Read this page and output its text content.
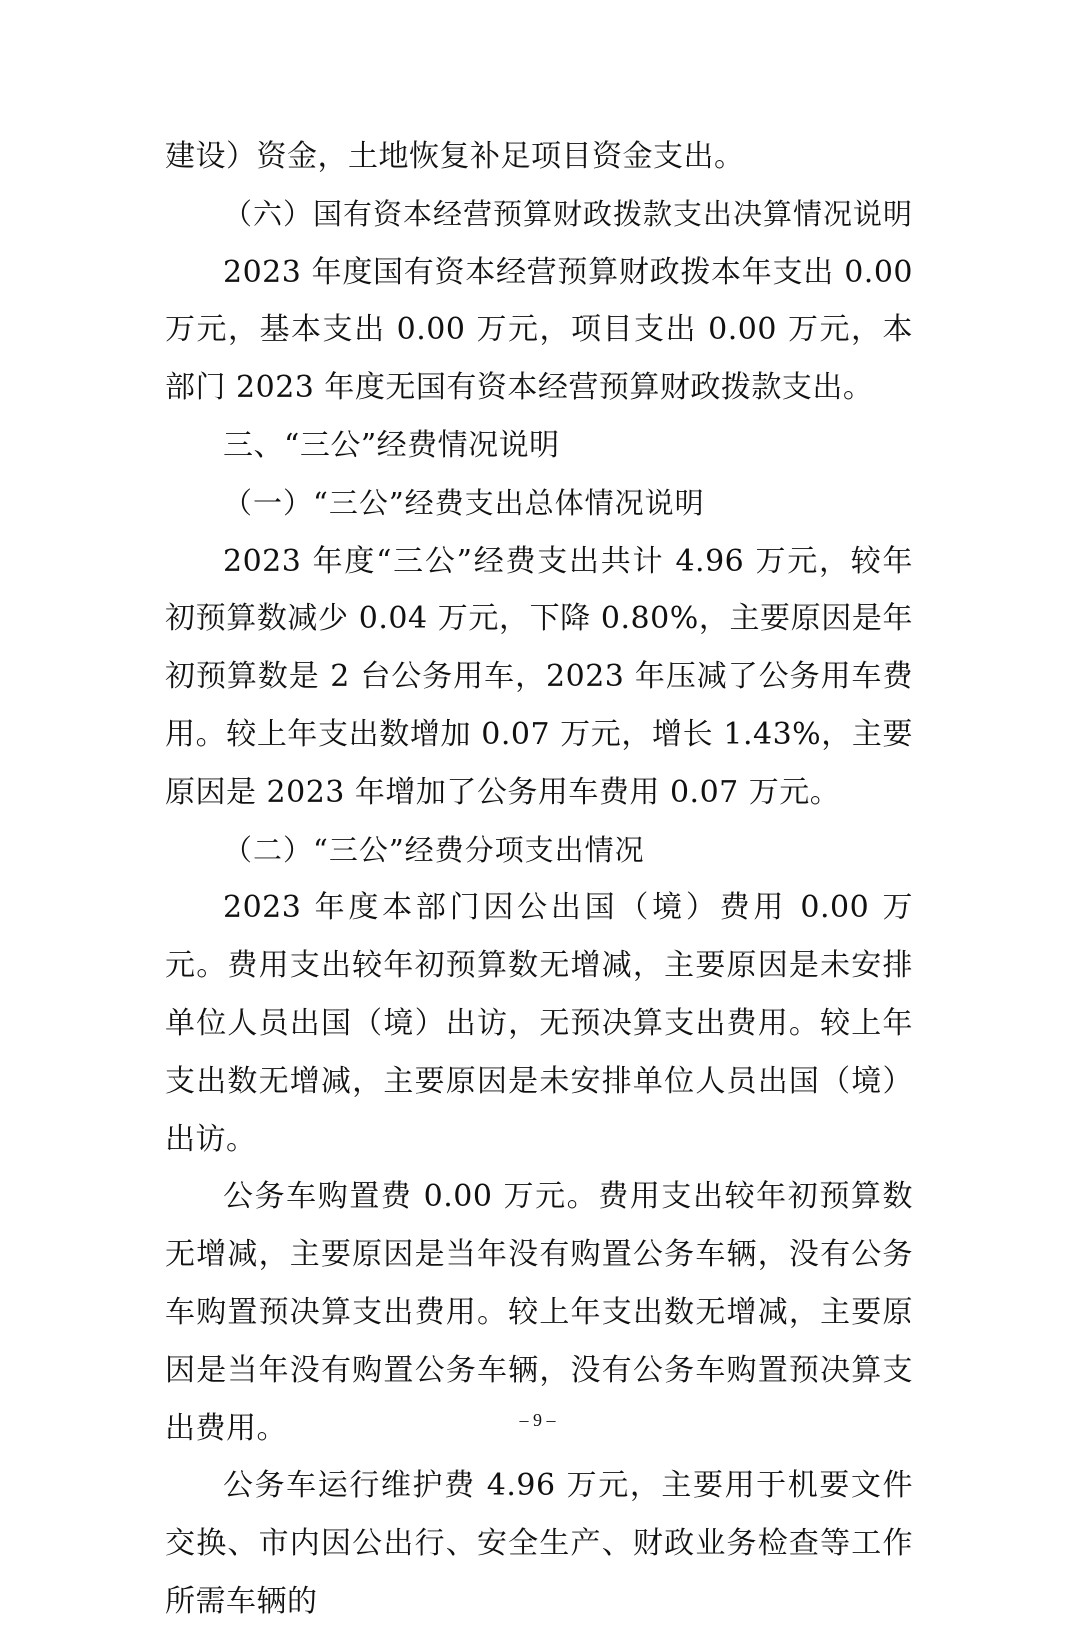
建设）资金，土地恢复补足项目资金支出。

（六）国有资本经营预算财政拨款支出决算情况说明

2023 年度国有资本经营预算财政拨本年支出 0.00 万元，基本支出 0.00 万元，项目支出 0.00 万元，本部门 2023 年度无国有资本经营预算财政拨款支出。

三、“三公”经费情况说明

（一）“三公”经费支出总体情况说明

2023 年度“三公”经费支出共计 4.96 万元，较年初预算数减少 0.04 万元，下降 0.80%，主要原因是年初预算数是 2 台公务用车，2023 年压减了公务用车费用。较上年支出数增加 0.07 万元，增长 1.43%，主要原因是 2023 年增加了公务用车费用 0.07 万元。

（二）“三公”经费分项支出情况

2023 年度本部门因公出国（境）费用 0.00 万元。费用支出较年初预算数无增减，主要原因是未安排单位人员出国（境）出访，无预决算支出费用。较上年支出数无增减，主要原因是未安排单位人员出国（境）出访。

公务车购置费 0.00 万元。费用支出较年初预算数无增减，主要原因是当年没有购置公务车辆，没有公务车购置预决算支出费用。较上年支出数无增减，主要原因是当年没有购置公务车辆，没有公务车购置预决算支出费用。

公务车运行维护费 4.96 万元，主要用于机要文件交换、市内因公出行、安全生产、财政业务检查等工作所需车辆的

– 9 –
